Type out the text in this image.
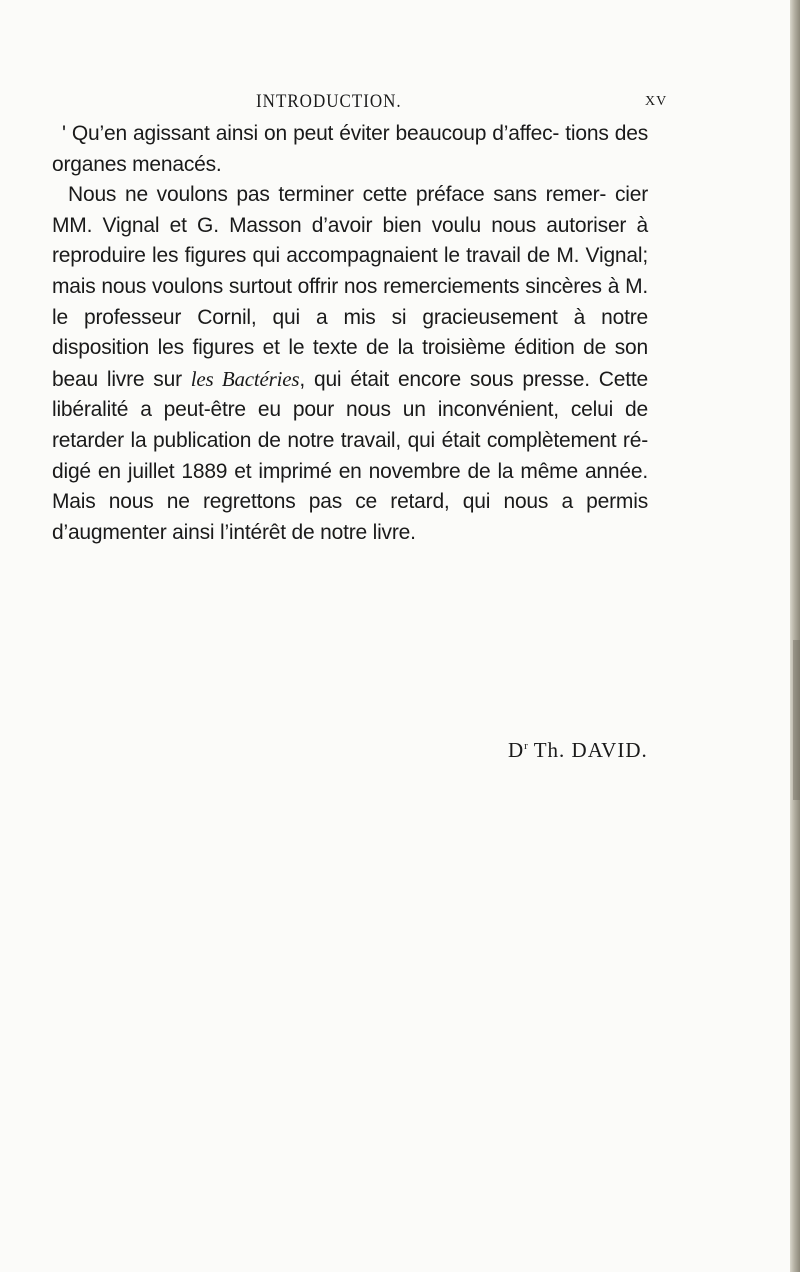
INTRODUCTION.	XV

' Qu’en agissant ainsi on peut éviter beaucoup d’affec- tions des organes menacés.

Nous ne voulons pas terminer cette préface sans remer- cier MM. Vignal et G. Masson d’avoir bien voulu nous autoriser à reproduire les figures qui accompagnaient le travail de M. Vignal; mais nous voulons surtout offrir nos remerciements sincères à M. le professeur Cornil, qui a mis si gracieusement à notre disposition les figures et le texte de la troisième édition de son beau livre sur les Bactéries, qui était encore sous presse. Cette libéralité a peut-être eu pour nous un inconvénient, celui de retarder la publication de notre travail, qui était complètement ré- digé en juillet 1889 et imprimé en novembre de la même année. Mais nous ne regrettons pas ce retard, qui nous a permis d’augmenter ainsi l’intérêt de notre livre.

$D^r$ Th. DAVID.
